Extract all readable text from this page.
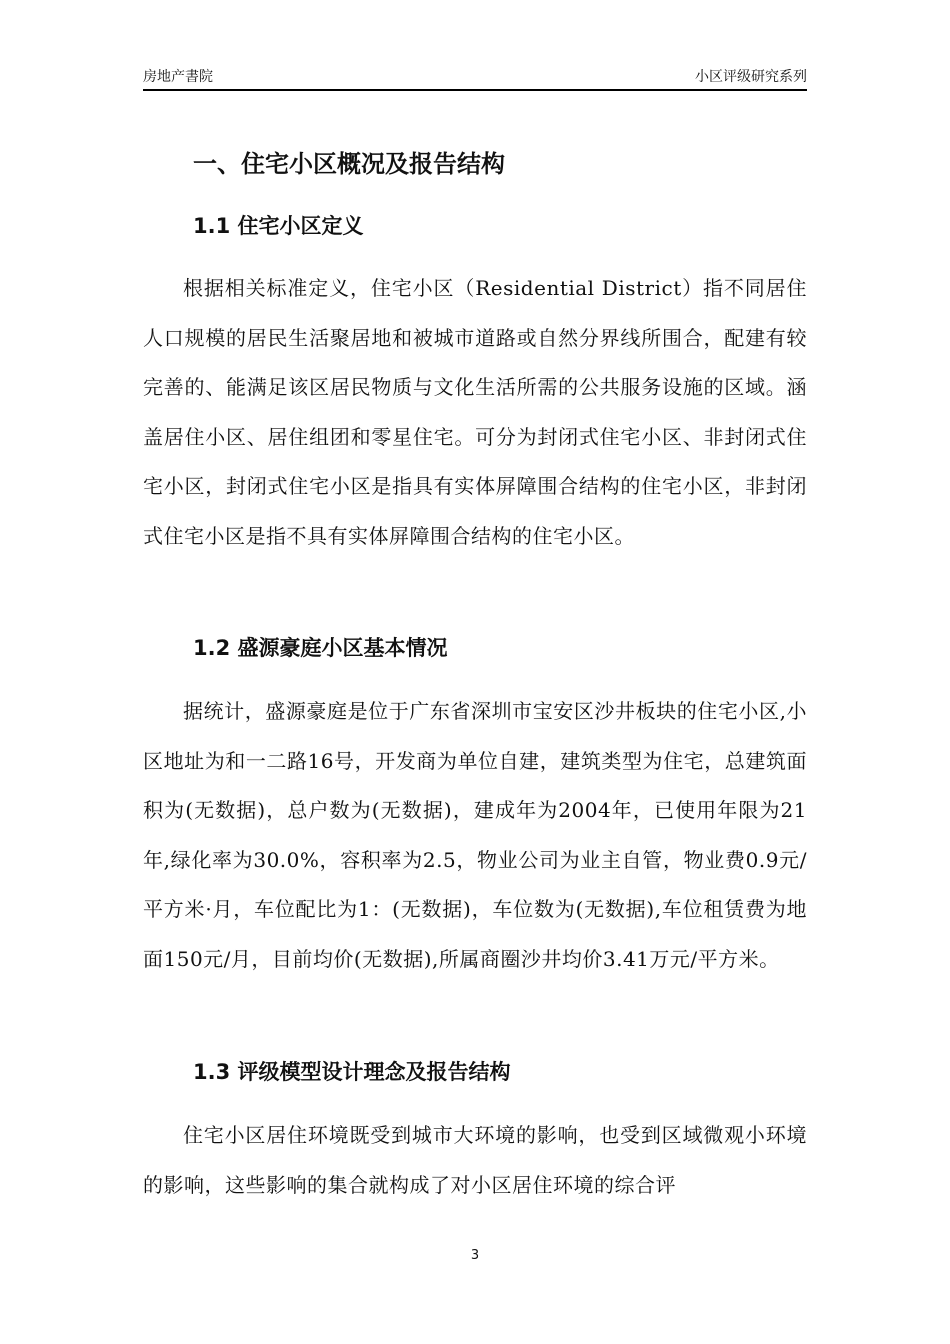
房地产書院	小区评级研究系列
一、住宅小区概况及报告结构
1.1 住宅小区定义

根据相关标准定义，住宅小区（Residential District）指不同居住人口规模的居民生活聚居地和被城市道路或自然分界线所围合，配建有较完善的、能满足该区居民物质与文化生活所需的公共服务设施的区域。涵盖居住小区、居住组团和零星住宅。可分为封闭式住宅小区、非封闭式住宅小区，封闭式住宅小区是指具有实体屏障围合结构的住宅小区，非封闭式住宅小区是指不具有实体屏障围合结构的住宅小区。

1.2 盛源豪庭小区基本情况

据统计，盛源豪庭是位于广东省深圳市宝安区沙井板块的住宅小区,小区地址为和一二路16号，开发商为单位自建，建筑类型为住宅，总建筑面积为(无数据)，总户数为(无数据)，建成年为2004年，已使用年限为21年,绿化率为30.0%，容积率为2.5，物业公司为业主自管，物业费0.9元/平方米·月，车位配比为1：(无数据)，车位数为(无数据),车位租赁费为地面150元/月，目前均价(无数据),所属商圈沙井均价3.41万元/平方米。

1.3 评级模型设计理念及报告结构

住宅小区居住环境既受到城市大环境的影响，也受到区域微观小环境的影响，这些影响的集合就构成了对小区居住环境的综合评

3
